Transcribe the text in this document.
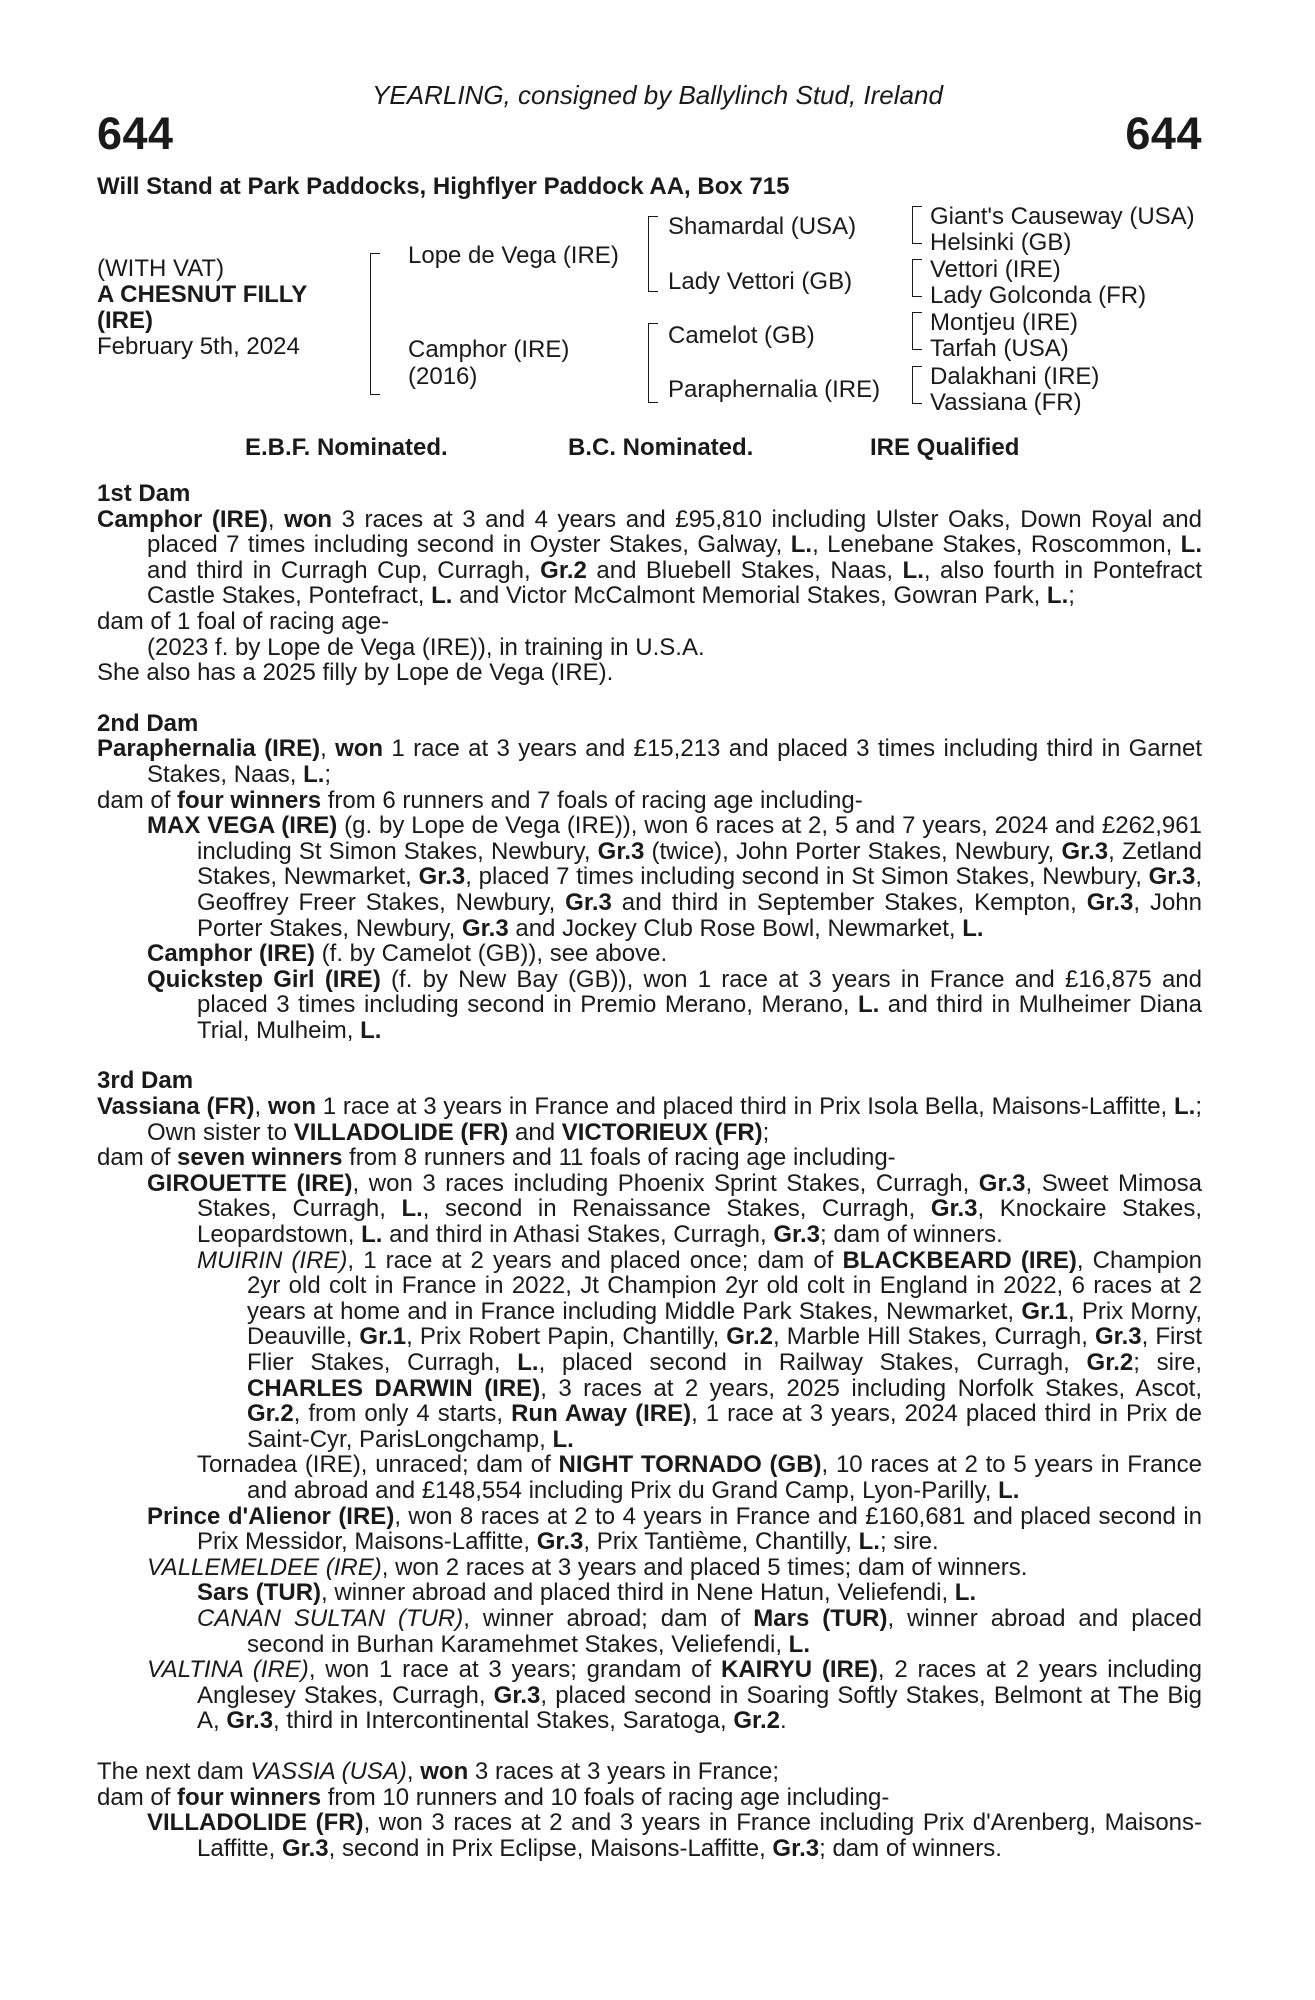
YEARLING, consigned by Ballylinch Stud, Ireland
644	644
Will Stand at Park Paddocks, Highflyer Paddock AA, Box 715
(WITH VAT)
A CHESNUT FILLY
(IRE)
February 5th, 2024
Lope de Vega (IRE)
Camphor (IRE)
(2016)
Shamardal (USA)
Lady Vettori (GB)
Camelot (GB)
Paraphernalia (IRE)
Giant's Causeway (USA)
Helsinki (GB)
Vettori (IRE)
Lady Golconda (FR)
Montjeu (IRE)
Tarfah (USA)
Dalakhani (IRE)
Vassiana (FR)
E.B.F. Nominated.	B.C. Nominated.	IRE Qualified
1st Dam
Camphor (IRE), won 3 races at 3 and 4 years and £95,810 including Ulster Oaks, Down Royal and placed 7 times including second in Oyster Stakes, Galway, L., Lenebane Stakes, Roscommon, L. and third in Curragh Cup, Curragh, Gr.2 and Bluebell Stakes, Naas, L., also fourth in Pontefract Castle Stakes, Pontefract, L. and Victor McCalmont Memorial Stakes, Gowran Park, L.;
dam of 1 foal of racing age-
(2023 f. by Lope de Vega (IRE)), in training in U.S.A.
She also has a 2025 filly by Lope de Vega (IRE).
2nd Dam
Paraphernalia (IRE), won 1 race at 3 years and £15,213 and placed 3 times including third in Garnet Stakes, Naas, L.;
dam of four winners from 6 runners and 7 foals of racing age including-
MAX VEGA (IRE) (g. by Lope de Vega (IRE)), won 6 races at 2, 5 and 7 years, 2024 and £262,961 including St Simon Stakes, Newbury, Gr.3 (twice), John Porter Stakes, Newbury, Gr.3, Zetland Stakes, Newmarket, Gr.3, placed 7 times including second in St Simon Stakes, Newbury, Gr.3, Geoffrey Freer Stakes, Newbury, Gr.3 and third in September Stakes, Kempton, Gr.3, John Porter Stakes, Newbury, Gr.3 and Jockey Club Rose Bowl, Newmarket, L.
Camphor (IRE) (f. by Camelot (GB)), see above.
Quickstep Girl (IRE) (f. by New Bay (GB)), won 1 race at 3 years in France and £16,875 and placed 3 times including second in Premio Merano, Merano, L. and third in Mulheimer Diana Trial, Mulheim, L.
3rd Dam
Vassiana (FR), won 1 race at 3 years in France and placed third in Prix Isola Bella, Maisons-Laffitte, L.; Own sister to VILLADOLIDE (FR) and VICTORIEUX (FR);
dam of seven winners from 8 runners and 11 foals of racing age including-
GIROUETTE (IRE), won 3 races including Phoenix Sprint Stakes, Curragh, Gr.3, Sweet Mimosa Stakes, Curragh, L., second in Renaissance Stakes, Curragh, Gr.3, Knockaire Stakes, Leopardstown, L. and third in Athasi Stakes, Curragh, Gr.3; dam of winners.
MUIRIN (IRE), 1 race at 2 years and placed once; dam of BLACKBEARD (IRE), Champion 2yr old colt in France in 2022, Jt Champion 2yr old colt in England in 2022, 6 races at 2 years at home and in France including Middle Park Stakes, Newmarket, Gr.1, Prix Morny, Deauville, Gr.1, Prix Robert Papin, Chantilly, Gr.2, Marble Hill Stakes, Curragh, Gr.3, First Flier Stakes, Curragh, L., placed second in Railway Stakes, Curragh, Gr.2; sire, CHARLES DARWIN (IRE), 3 races at 2 years, 2025 including Norfolk Stakes, Ascot, Gr.2, from only 4 starts, Run Away (IRE), 1 race at 3 years, 2024 placed third in Prix de Saint-Cyr, ParisLongchamp, L.
Tornadea (IRE), unraced; dam of NIGHT TORNADO (GB), 10 races at 2 to 5 years in France and abroad and £148,554 including Prix du Grand Camp, Lyon-Parilly, L.
Prince d'Alienor (IRE), won 8 races at 2 to 4 years in France and £160,681 and placed second in Prix Messidor, Maisons-Laffitte, Gr.3, Prix Tantième, Chantilly, L.; sire.
VALLEMELDEE (IRE), won 2 races at 3 years and placed 5 times; dam of winners.
Sars (TUR), winner abroad and placed third in Nene Hatun, Veliefendi, L.
CANAN SULTAN (TUR), winner abroad; dam of Mars (TUR), winner abroad and placed second in Burhan Karamehmet Stakes, Veliefendi, L.
VALTINA (IRE), won 1 race at 3 years; grandam of KAIRYU (IRE), 2 races at 2 years including Anglesey Stakes, Curragh, Gr.3, placed second in Soaring Softly Stakes, Belmont at The Big A, Gr.3, third in Intercontinental Stakes, Saratoga, Gr.2.
The next dam VASSIA (USA), won 3 races at 3 years in France;
dam of four winners from 10 runners and 10 foals of racing age including-
VILLADOLIDE (FR), won 3 races at 2 and 3 years in France including Prix d'Arenberg, Maisons-Laffitte, Gr.3, second in Prix Eclipse, Maisons-Laffitte, Gr.3; dam of winners.
